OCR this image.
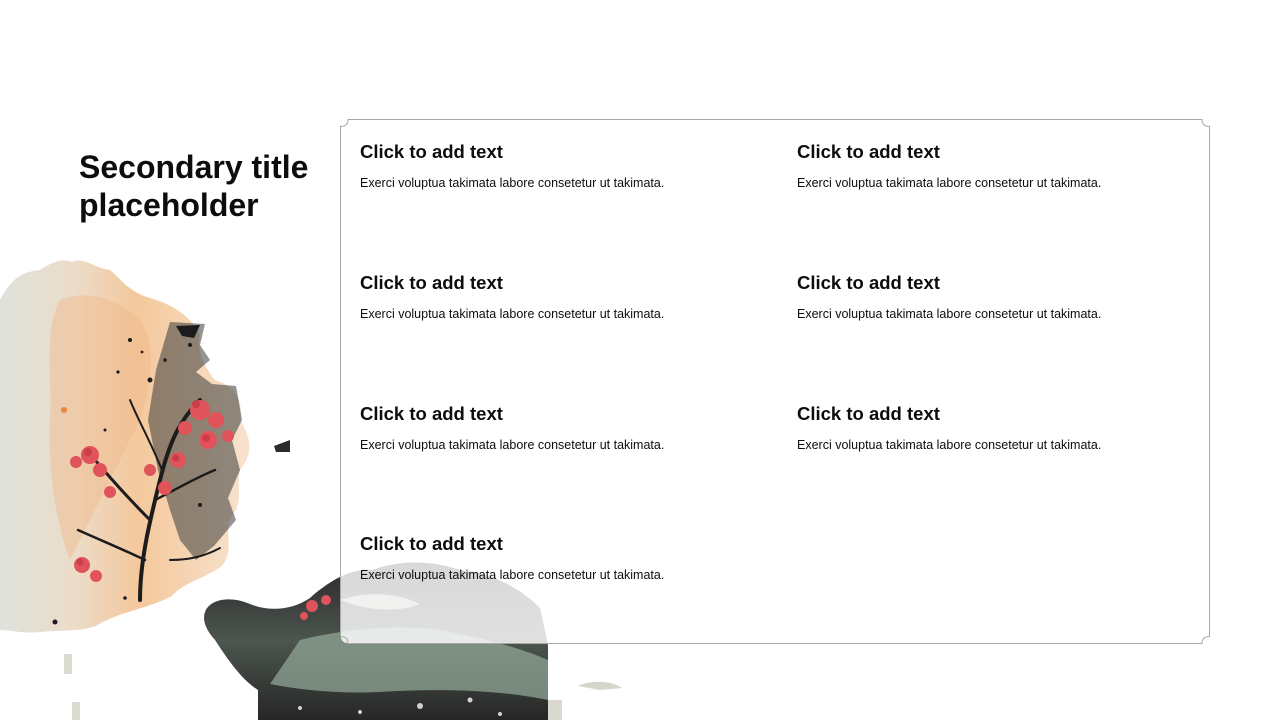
Secondary title placeholder

Click to add text

Exerci voluptua takimata labore consetetur ut takimata.

Click to add text

Exerci voluptua takimata labore consetetur ut takimata.

Click to add text

Exerci voluptua takimata labore consetetur ut takimata.

Click to add text

Exerci voluptua takimata labore consetetur ut takimata.

Click to add text

Exerci voluptua takimata labore consetetur ut takimata.

Click to add text

Exerci voluptua takimata labore consetetur ut takimata.

Click to add text

Exerci voluptua takimata labore consetetur ut takimata.
